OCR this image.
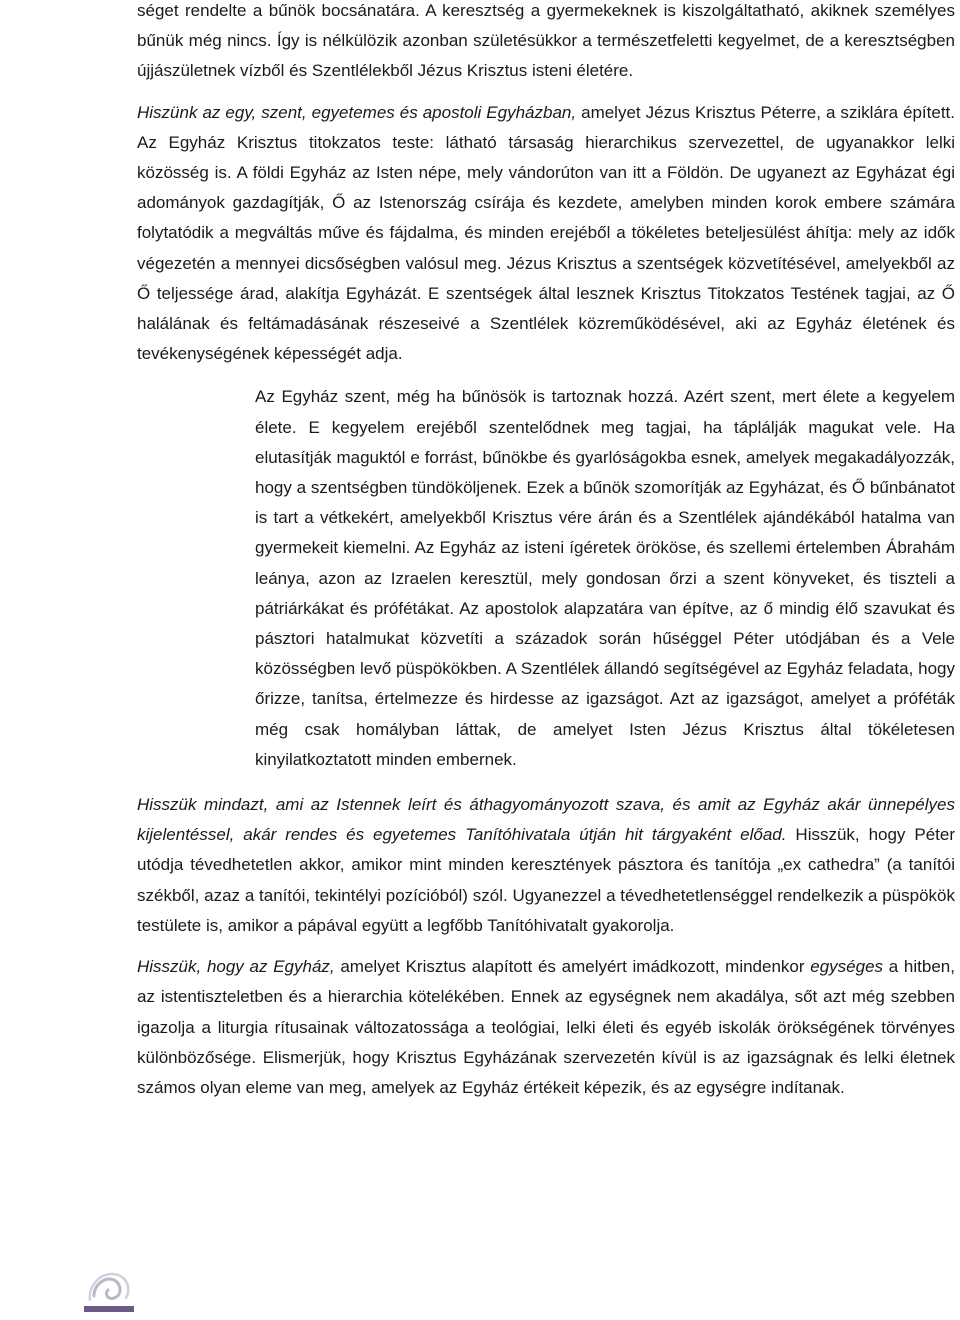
séget rendelte a bűnök bocsánatára. A keresztség a gyermekeknek is kiszolgáltatható, akiknek személyes bűnük még nincs. Így is nélkülözik azonban születésükkor a természetfeletti kegyelmet, de a keresztségben újjászületnek vízből és Szentlélekből Jézus Krisztus isteni életére.

Hiszünk az egy, szent, egyetemes és apostoli Egyházban, amelyet Jézus Krisztus Péterre, a sziklára épített. Az Egyház Krisztus titokzatos teste: látható társaság hierarchikus szervezettel, de ugyanakkor lelki közösség is. A földi Egyház az Isten népe, mely vándorúton van itt a Földön. De ugyanezt az Egyházat égi adományok gazdagítják, Ő az Istenország csírája és kezdete, amelyben minden korok embere számára folytatódik a megváltás műve és fájdalma, és minden erejéből a tökéletes beteljesülést áhítja: mely az idők végezetén a mennyei dicsőségben valósul meg. Jézus Krisztus a szentségek közvetítésével, amelyekből az Ő teljessége árad, alakítja Egyházát. E szentségek által lesznek Krisztus Titokzatos Testének tagjai, az Ő halálának és feltámadásának részeseivé a Szentlélek közreműködésével, aki az Egyház életének és tevékenységének képességét adja.

Az Egyház szent, még ha bűnösök is tartoznak hozzá. Azért szent, mert élete a kegyelem élete. E kegyelem erejéből szentelődnek meg tagjai, ha táplálják magukat vele. Ha elutasítják maguktól e forrást, bűnökbe és gyarlóságokba esnek, amelyek megakadályozzák, hogy a szentségben tündököljenek. Ezek a bűnök szomorítják az Egyházat, és Ő bűnbánatot is tart a vétkekért, amelyekből Krisztus vére árán és a Szentlélek ajándékából hatalma van gyermekeit kiemelni. Az Egyház az isteni ígéretek örököse, és szellemi értelemben Ábrahám leánya, azon az Izraelen keresztül, mely gondosan őrzi a szent könyveket, és tiszteli a pátriárkákat és prófétákat. Az apostolok alapzatára van építve, az ő mindig élő szavukat és pásztori hatalmukat közvetíti a századok során hűséggel Péter utódjában és a Vele közösségben levő püspökökben. A Szentlélek állandó segítségével az Egyház feladata, hogy őrizze, tanítsa, értelmezze és hirdesse az igazságot. Azt az igazságot, amelyet a próféták még csak homályban láttak, de amelyet Isten Jézus Krisztus által tökéletesen kinyilatkoztatott minden embernek.

Hisszük mindazt, ami az Istennek leírt és áthagyományozott szava, és amit az Egyház akár ünnepélyes kijelentéssel, akár rendes és egyetemes Tanítóhivatala útján hit tárgyaként előad. Hisszük, hogy Péter utódja tévedhetetlen akkor, amikor mint minden keresztények pásztora és tanítója „ex cathedra” (a tanítói székből, azaz a tanítói, tekintélyi pozícióból) szól. Ugyanezzel a tévedhetetlenséggel rendelkezik a püspökök testülete is, amikor a pápával együtt a legfőbb Tanítóhivatalt gyakorolja.

Hisszük, hogy az Egyház, amelyet Krisztus alapított és amelyért imádkozott, mindenkor egységes a hitben, az istentiszteletben és a hierarchia kötelékében. Ennek az egységnek nem akadálya, sőt azt még szebben igazolja a liturgia rítusainak változatossága a teológiai, lelki életi és egyéb iskolák örökségének törvényes különbözősége. Elismerjük, hogy Krisztus Egyházának szervezetén kívül is az igazságnak és lelki életnek számos olyan eleme van meg, amelyek az Egyház értékeit képezik, és az egységre indítanak.
